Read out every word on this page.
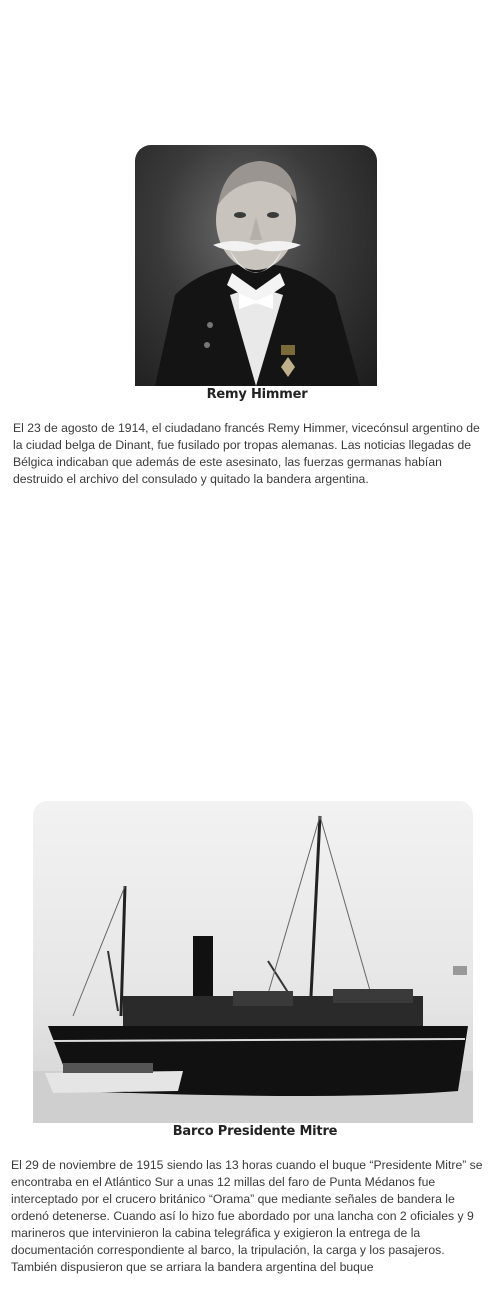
Remy Himmer

El 23 de agosto de 1914, el ciudadano francés Remy Himmer, vicecónsul argentino de la ciudad belga de Dinant, fue fusilado por tropas alemanas. Las noticias llegadas de Bélgica indicaban que además de este asesinato, las fuerzas germanas habían destruido el archivo del consulado y quitado la bandera argentina.

Barco Presidente Mitre

El 29 de noviembre de 1915 siendo las 13 horas cuando el buque “Presidente Mitre” se encontraba en el Atlántico Sur a unas 12 millas del faro de Punta Médanos fue interceptado por el crucero británico “Orama” que mediante señales de bandera le ordenó detenerse. Cuando así lo hizo fue abordado por una lancha con 2 oficiales y 9 marineros que intervinieron la cabina telegráfica y exigieron la entrega de la documentación correspondiente al barco, la tripulación, la carga y los pasajeros. También dispusieron que se arriara la bandera argentina del buque
